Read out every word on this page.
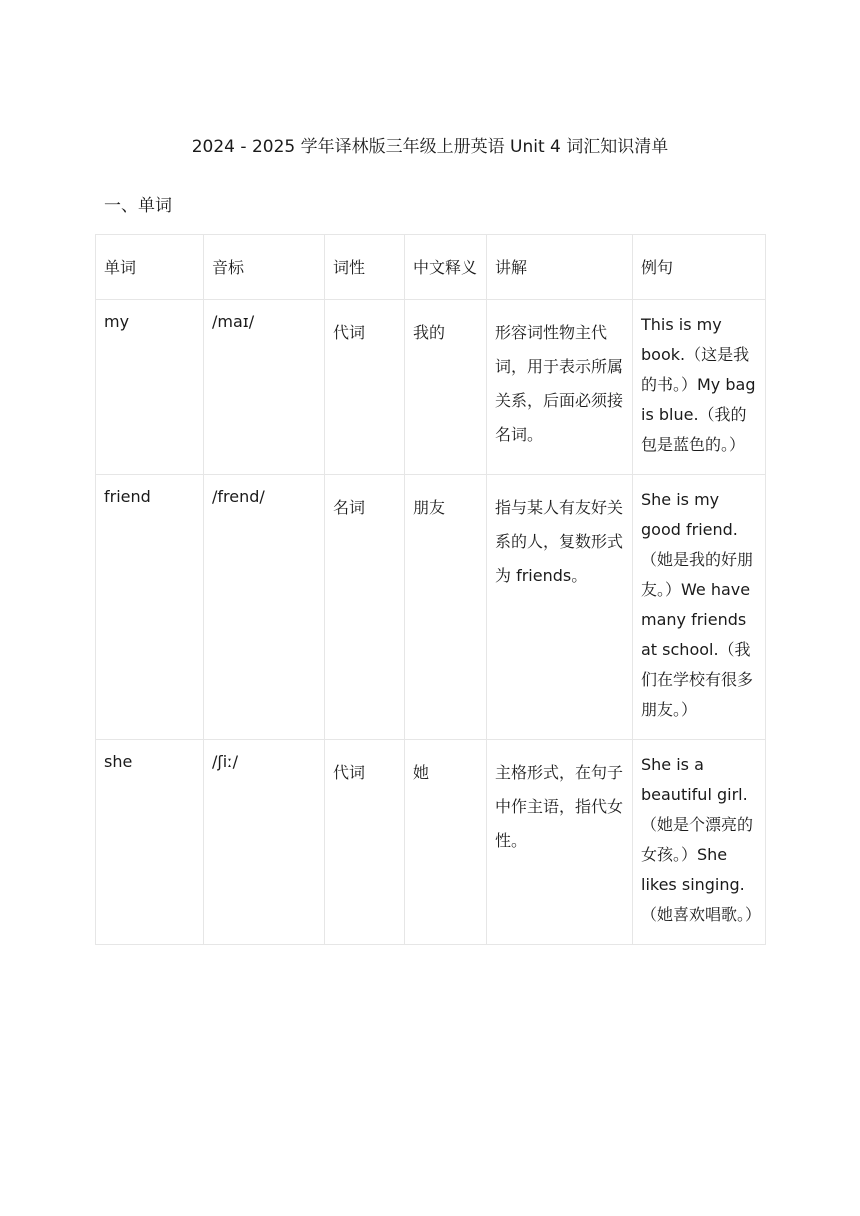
2024 - 2025 学年译林版三年级上册英语 Unit 4 词汇知识清单
一、单词
单词	音标	词性	中文释义	讲解	例句
my	/maɪ/	代词	我的	形容词性物主代词，用于表示所属关系，后面必须接名词。	This is my book.（这是我的书。）My bag is blue.（我的包是蓝色的。）
friend	/frend/	名词	朋友	指与某人有友好关系的人，复数形式为 friends。	She is my good friend.（她是我的好朋友。）We have many friends at school.（我们在学校有很多朋友。）
she	/ʃiː/	代词	她	主格形式，在句子中作主语，指代女性。	She is a beautiful girl.（她是个漂亮的女孩。）She likes singing.（她喜欢唱歌。）
